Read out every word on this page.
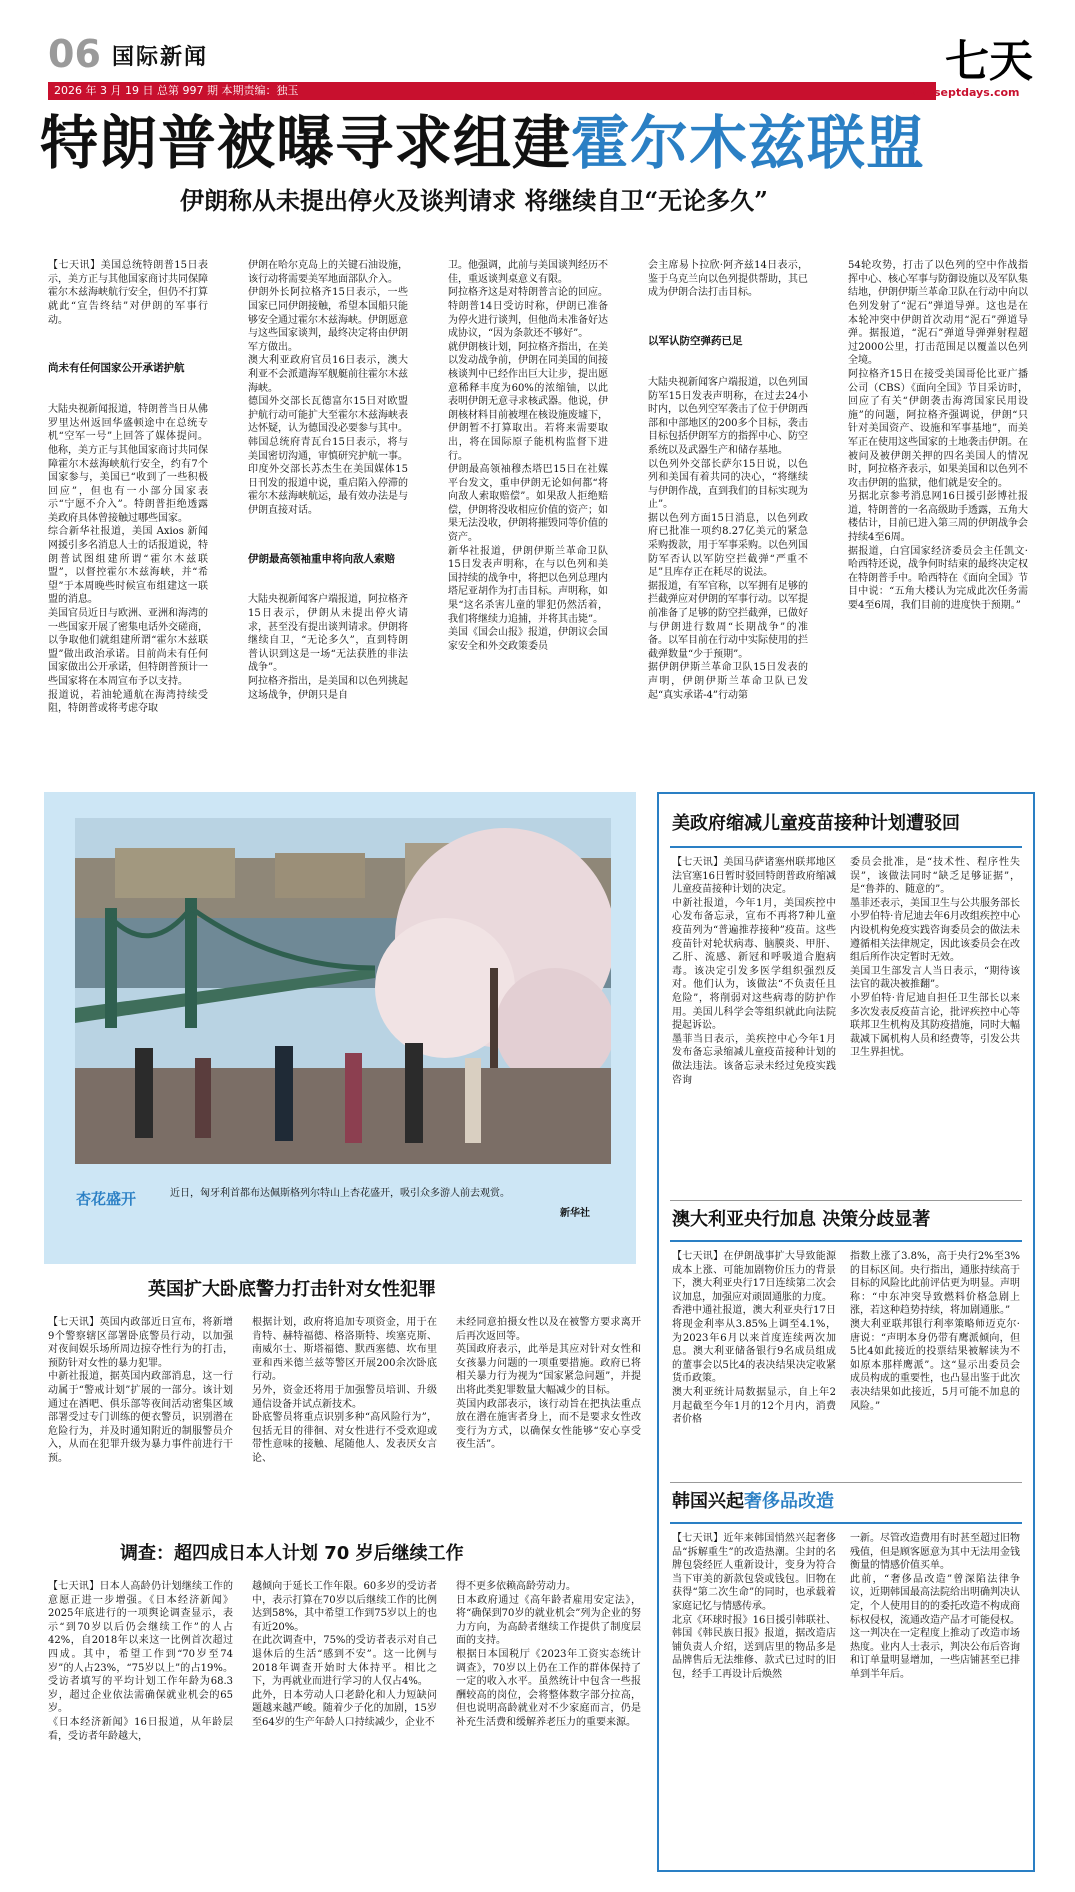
06 国际新闻
2026 年 3 月 19 日 总第 997 期 本期责编：独玉
七天
www.septdays.com
特朗普被曝寻求组建霍尔木兹联盟
伊朗称从未提出停火及谈判请求 将继续自卫“无论多久”

【七天讯】美国总统特朗普15日表示，美方正与其他国家商讨共同保障霍尔木兹海峡航行安全，但仍不打算就此“宣告终结”对伊朗的军事行动。

尚未有任何国家公开承诺护航

大陆央视新闻报道，特朗普当日从佛罗里达州返回华盛顿途中在总统专机“空军一号”上回答了媒体提问。他称，美方正与其他国家商讨共同保障霍尔木兹海峡航行安全，约有7个国家参与，美国已“收到了一些积极回应”，但也有一小部分国家表示“宁愿不介入”。特朗普拒绝透露美政府具体曾接触过哪些国家。
综合新华社报道，美国 Axios 新闻网援引多名消息人士的话报道说，特朗普试图组建所谓“霍尔木兹联盟”，以督控霍尔木兹海峡，并“希望”于本周晚些时候宣布组建这一联盟的消息。
美国官员近日与欧洲、亚洲和海湾的一些国家开展了密集电话外交磋商，以争取他们就组建所谓“霍尔木兹联盟”做出政治承诺。目前尚未有任何国家做出公开承诺，但特朗普预计一些国家将在本周宣布予以支持。
报道说，若油轮通航在海湾持续受阻，特朗普或将考虑夺取

伊朗在哈尔克岛上的关键石油设施，该行动将需要美军地面部队介入。
伊朗外长阿拉格齐15日表示，一些国家已同伊朗接触，希望本国船只能够安全通过霍尔木兹海峡。伊朗愿意与这些国家谈判，最终决定将由伊朗军方做出。
澳大利亚政府官员16日表示，澳大利亚不会派遣海军舰艇前往霍尔木兹海峡。
德国外交部长瓦德富尔15日对欧盟护航行动可能扩大至霍尔木兹海峡表达怀疑，认为德国没必要参与其中。
韩国总统府青瓦台15日表示，将与美国密切沟通，审慎研究护航一事。
印度外交部长苏杰生在美国媒体15日刊发的报道中说，重启陷入停滞的霍尔木兹海峡航运，最有效办法是与伊朗直接对话。

伊朗最高领袖重申将向敌人索赔

大陆央视新闻客户端报道，阿拉格齐15日表示，伊朗从未提出停火请求，甚至没有提出谈判请求。伊朗将继续自卫，“无论多久”，直到特朗普认识到这是一场“无法获胜的非法战争”。
阿拉格齐指出，是美国和以色列挑起这场战争，伊朗只是自

卫。他强调，此前与美国谈判经历不佳，重返谈判桌意义有限。
阿拉格齐这是对特朗普言论的回应。特朗普14日受访时称，伊朗已准备为停火进行谈判，但他尚未准备好达成协议，“因为条款还不够好”。
就伊朗核计划，阿拉格齐指出，在美以发动战争前，伊朗在同美国的间接核谈判中已经作出巨大让步，提出愿意稀释丰度为60%的浓缩铀，以此表明伊朗无意寻求核武器。他说，伊朗核材料目前被埋在核设施废墟下，伊朗暂不打算取出。若将来需要取出，将在国际原子能机构监督下进行。
伊朗最高领袖穆杰塔巴15日在社媒平台发文，重申伊朗无论如何都“将向敌人索取赔偿”。如果敌人拒绝赔偿，伊朗将没收相应价值的资产；如果无法没收，伊朗将摧毁同等价值的资产。
新华社报道，伊朗伊斯兰革命卫队15日发表声明称，在与以色列和美国持续的战争中，将把以色列总理内塔尼亚胡作为打击目标。声明称，如果“这名杀害儿童的罪犯仍然活着，我们将继续力追捕，并将其击毙”。
美国《国会山报》报道，伊朗议会国家安全和外交政策委员

会主席易卜拉欣·阿齐兹14日表示，鉴于乌克兰向以色列提供帮助，其已成为伊朗合法打击目标。

以军认防空弹药已足

大陆央视新闻客户端报道，以色列国防军15日发表声明称，在过去24小时内，以色列空军袭击了位于伊朗西部和中部地区的200多个目标，袭击目标包括伊朗军方的指挥中心、防空系统以及武器生产和储存基地。
以色列外交部长萨尔15日说，以色列和美国有着共同的决心，“将继续与伊朗作战，直到我们的目标实现为止”。
据以色列方面15日消息，以色列政府已批准一项约8.27亿美元的紧急采购拨款，用于军事采购。以色列国防军否认以军防空拦截弹“严重不足”且库存正在耗尽的说法。
据报道，有军官称，以军拥有足够的拦截弹应对伊朗的军事行动。以军提前准备了足够的防空拦截弹，已做好与伊朗进行数周“长期战争”的准备。以军目前在行动中实际使用的拦截弹数量“少于预期”。
据伊朗伊斯兰革命卫队15日发表的声明，伊朗伊斯兰革命卫队已发起“真实承诺-4”行动第

54轮攻势，打击了以色列的空中作战指挥中心、核心军事与防御设施以及军队集结地，伊朗伊斯兰革命卫队在行动中向以色列发射了“泥石”弹道导弹。这也是在本轮冲突中伊朗首次动用“泥石”弹道导弹。据报道，“泥石”弹道导弹弹射程超过2000公里，打击范围足以覆盖以色列全境。
阿拉格齐15日在接受美国哥伦比亚广播公司（CBS）《面向全国》节目采访时，回应了有关“伊朗袭击海湾国家民用设施”的问题，阿拉格齐强调说，伊朗“只针对美国资产、设施和军事基地”，而美军正在使用这些国家的土地袭击伊朗。在被问及被伊朗关押的四名美国人的情况时，阿拉格齐表示，如果美国和以色列不攻击伊朗的监狱，他们就是安全的。
另据北京参考消息网16日援引彭博社报道，特朗普的一名高级助手透露，五角大楼估计，目前已进入第三周的伊朗战争会持续4至6周。
据报道，白宫国家经济委员会主任凯文·哈西特还说，战争何时结束的最终决定权在特朗普手中。哈西特在《面向全国》节目中说：“五角大楼认为完成此次任务需要4至6周，我们目前的进度快于预期。”

杏花盛开	近日，匈牙利首都布达佩斯格列尔特山上杏花盛开，吸引众多游人前去观赏。
新华社
英国扩大卧底警力打击针对女性犯罪
【七天讯】英国内政部近日宣布，将新增9个警察辖区部署卧底警员行动，以加强对夜间娱乐场所周边掠夺性行为的打击，预防针对女性的暴力犯罪。
中新社报道，据英国内政部消息，这一行动属于“警戒计划”扩展的一部分。该计划通过在酒吧、俱乐部等夜间活动密集区域部署受过专门训练的便衣警员，识别潜在危险行为，并及时通知附近的制服警员介入，从而在犯罪升级为暴力事件前进行干预。
根据计划，政府将追加专项资金，用于在肯特、赫特福德、格洛斯特、埃塞克斯、南威尔士、斯塔福德、默西塞德、坎布里亚和西米德兰兹等警区开展200余次卧底行动。
另外，资金还将用于加强警员培训、升级通信设备并试点新技术。
卧底警员将重点识别多种“高风险行为”，包括无目的徘徊、对女性进行不受欢迎或带性意味的接触、尾随他人、发表厌女言论、
未经同意拍摄女性以及在被警方要求离开后再次返回等。
英国政府表示，此举是其应对针对女性和女孩暴力问题的一项重要措施。政府已将相关暴力行为视为“国家紧急问题”，并提出将此类犯罪数量大幅减少的目标。
英国内政部表示，该行动旨在把执法重点放在潜在施害者身上，而不是要求女性改变行为方式，以确保女性能够“安心享受夜生活”。
调查：超四成日本人计划 70 岁后继续工作
【七天讯】日本人高龄仍计划继续工作的意愿正进一步增强。《日本经济新闻》2025年底进行的一项舆论调查显示，表示“到70岁以后仍会继续工作”的人占42%，自2018年以来这一比例首次超过四成。其中，希望工作到“70岁至74岁”的人占23%，“75岁以上”的占19%。受访者填写的平均计划工作年龄为68.3岁，超过企业依法需确保就业机会的65岁。
《日本经济新闻》16日报道，从年龄层看，受访者年龄越大，
越倾向于延长工作年限。60多岁的受访者中，表示打算在70岁以后继续工作的比例达到58%，其中希望工作到75岁以上的也有近20%。
在此次调查中，75%的受访者表示对自己退休后的生活“感到不安”。这一比例与2018年调查开始时大体持平。相比之下，为再就业而进行学习的人仅占4%。
此外，日本劳动人口老龄化和人力短缺问题越来越严峻。随着少子化的加剧，15岁至64岁的生产年龄人口持续减少，企业不
得不更多依赖高龄劳动力。
日本政府通过《高年龄者雇用安定法》，将“确保到70岁的就业机会”列为企业的努力方向，为高龄者继续工作提供了制度层面的支持。
根据日本国税厅《2023年工资实态统计调查》，70岁以上仍在工作的群体保持了一定的收入水平。虽然统计中包含一些报酬较高的岗位，会将整体数字部分拉高，但也说明高龄就业对不少家庭而言，仍是补充生活费和缓解养老压力的重要来源。
美政府缩减儿童疫苗接种计划遭驳回
【七天讯】美国马萨诸塞州联邦地区法官塞16日暂时驳回特朗普政府缩减儿童疫苗接种计划的决定。
中新社报道，今年1月，美国疾控中心发布备忘录，宣布不再将7种儿童疫苗列为“普遍推荐接种”疫苗。这些疫苗针对轮状病毒、脑膜炎、甲肝、乙肝、流感、新冠和呼吸道合胞病毒。该决定引发多医学组织强烈反对。他们认为，该做法“不负责任且危险”，将削弱对这些病毒的防护作用。美国儿科学会等组织就此向法院提起诉讼。
墨菲当日表示，美疾控中心今年1月发布备忘录缩减儿童疫苗接种计划的做法违法。该备忘录未经过免疫实践咨询
委员会批准，是“技术性、程序性失误”，该做法同时“缺乏足够证据”，是“鲁莽的、随意的”。
墨菲还表示，美国卫生与公共服务部长小罗伯特·肯尼迪去年6月改组疾控中心内设机构免疫实践咨询委员会的做法未遵循相关法律规定，因此该委员会在改组后所作决定暂时无效。
美国卫生部发言人当日表示，“期待该法官的裁决被推翻”。
小罗伯特·肯尼迪自担任卫生部长以来多次发表反疫苗言论，批评疾控中心等联邦卫生机构及其防疫措施，同时大幅裁减下属机构人员和经费等，引发公共卫生界担忧。
澳大利亚央行加息 决策分歧显著
【七天讯】在伊朗战事扩大导致能源成本上涨、可能加剧物价压力的背景下，澳大利亚央行17日连续第二次会议加息，加强应对顽固通胀的力度。
香港中通社报道，澳大利亚央行17日将现金利率从3.85%上调至4.1%，为2023年6月以来首度连续两次加息。澳大利亚储备银行9名成员组成的董事会以5比4的表决结果决定收紧货币政策。
澳大利亚统计局数据显示，自上年2月起截至今年1月的12个月内，消费者价格
指数上涨了3.8%，高于央行2%至3%的目标区间。央行指出，通胀持续高于目标的风险比此前评估更为明显。声明称：“中东冲突导致燃料价格急剧上涨，若这种趋势持续，将加剧通胀。”
澳大利亚联邦银行利率策略师迈克尔·唐说：“声明本身仍带有鹰派倾向，但5比4如此接近的投票结果被解读为不如原本那样鹰派”。这“显示出委员会成员构成的重要性，也凸显出鉴于此次表决结果如此接近，5月可能不加息的风险。”
韩国兴起奢侈品改造
【七天讯】近年来韩国悄然兴起奢侈品“拆解重生”的改造热潮。尘封的名牌包袋经匠人重新设计，变身为符合当下审美的新款包袋或钱包。旧物在获得“第二次生命”的同时，也承载着家庭记忆与情感传承。
北京《环球时报》16日援引韩联社、韩国《韩民族日报》报道，据改造店铺负责人介绍，送到店里的物品多是品牌售后无法维修、款式已过时的旧包，经手工再设计后焕然
一新。尽管改造费用有时甚至超过旧物残值，但是顾客愿意为其中无法用金钱衡量的情感价值买单。
此前，“奢侈品改造”曾深陷法律争议，近期韩国最高法院给出明确判决认定，个人使用目的的委托改造不构成商标权侵权，流通改造产品才可能侵权。这一判决在一定程度上推动了改造市场热度。业内人士表示，判决公布后咨询和订单量明显增加，一些店铺甚至已排单到半年后。
